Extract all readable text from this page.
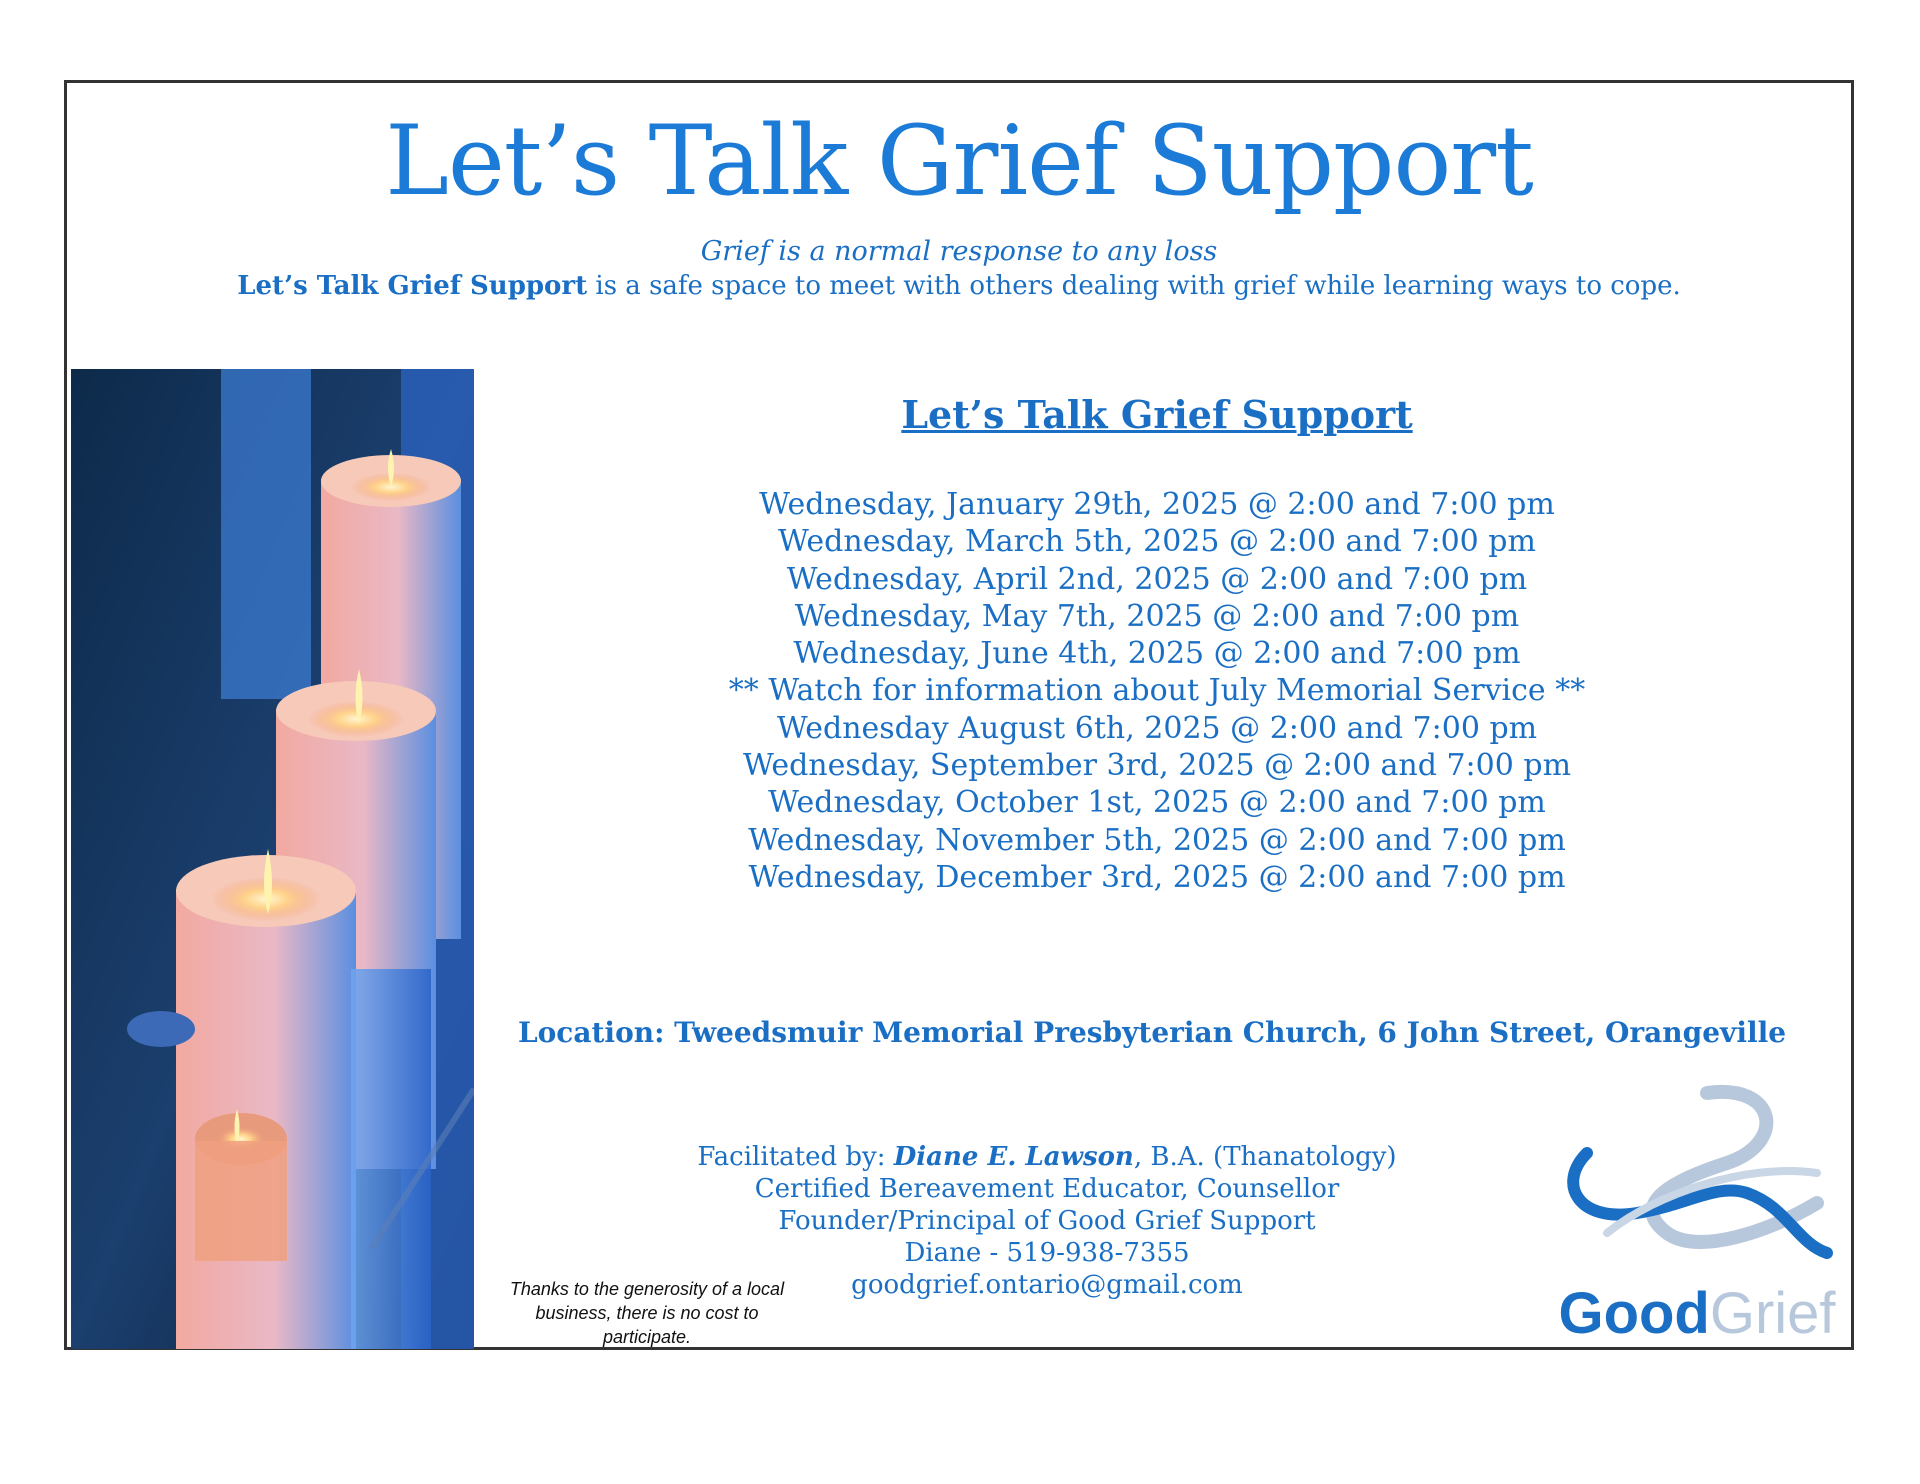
Let’s Talk Grief Support
Grief is a normal response to any loss
Let’s Talk Grief Support is a safe space to meet with others dealing with grief while learning ways to cope.
Let’s Talk Grief Support
Wednesday, January 29th, 2025 @ 2:00 and 7:00 pm
Wednesday, March 5th, 2025 @ 2:00 and 7:00 pm
Wednesday, April 2nd, 2025 @ 2:00 and 7:00 pm
Wednesday, May 7th, 2025 @ 2:00 and 7:00 pm
Wednesday, June 4th, 2025 @ 2:00 and 7:00 pm
** Watch for information about July Memorial Service **
Wednesday August 6th, 2025 @ 2:00 and 7:00 pm
Wednesday, September 3rd, 2025 @ 2:00 and 7:00 pm
Wednesday, October 1st, 2025 @ 2:00 and 7:00 pm
Wednesday, November 5th, 2025 @ 2:00 and 7:00 pm
Wednesday, December 3rd, 2025 @ 2:00 and 7:00 pm
Location: Tweedsmuir Memorial Presbyterian Church, 6 John Street, Orangeville
Facilitated by: Diane E. Lawson, B.A. (Thanatology)
Certified Bereavement Educator, Counsellor
Founder/Principal of Good Grief Support
Diane - 519-938-7355
goodgrief.ontario@gmail.com
Thanks to the generosity of a local business, there is no cost to participate.	GoodGrief
